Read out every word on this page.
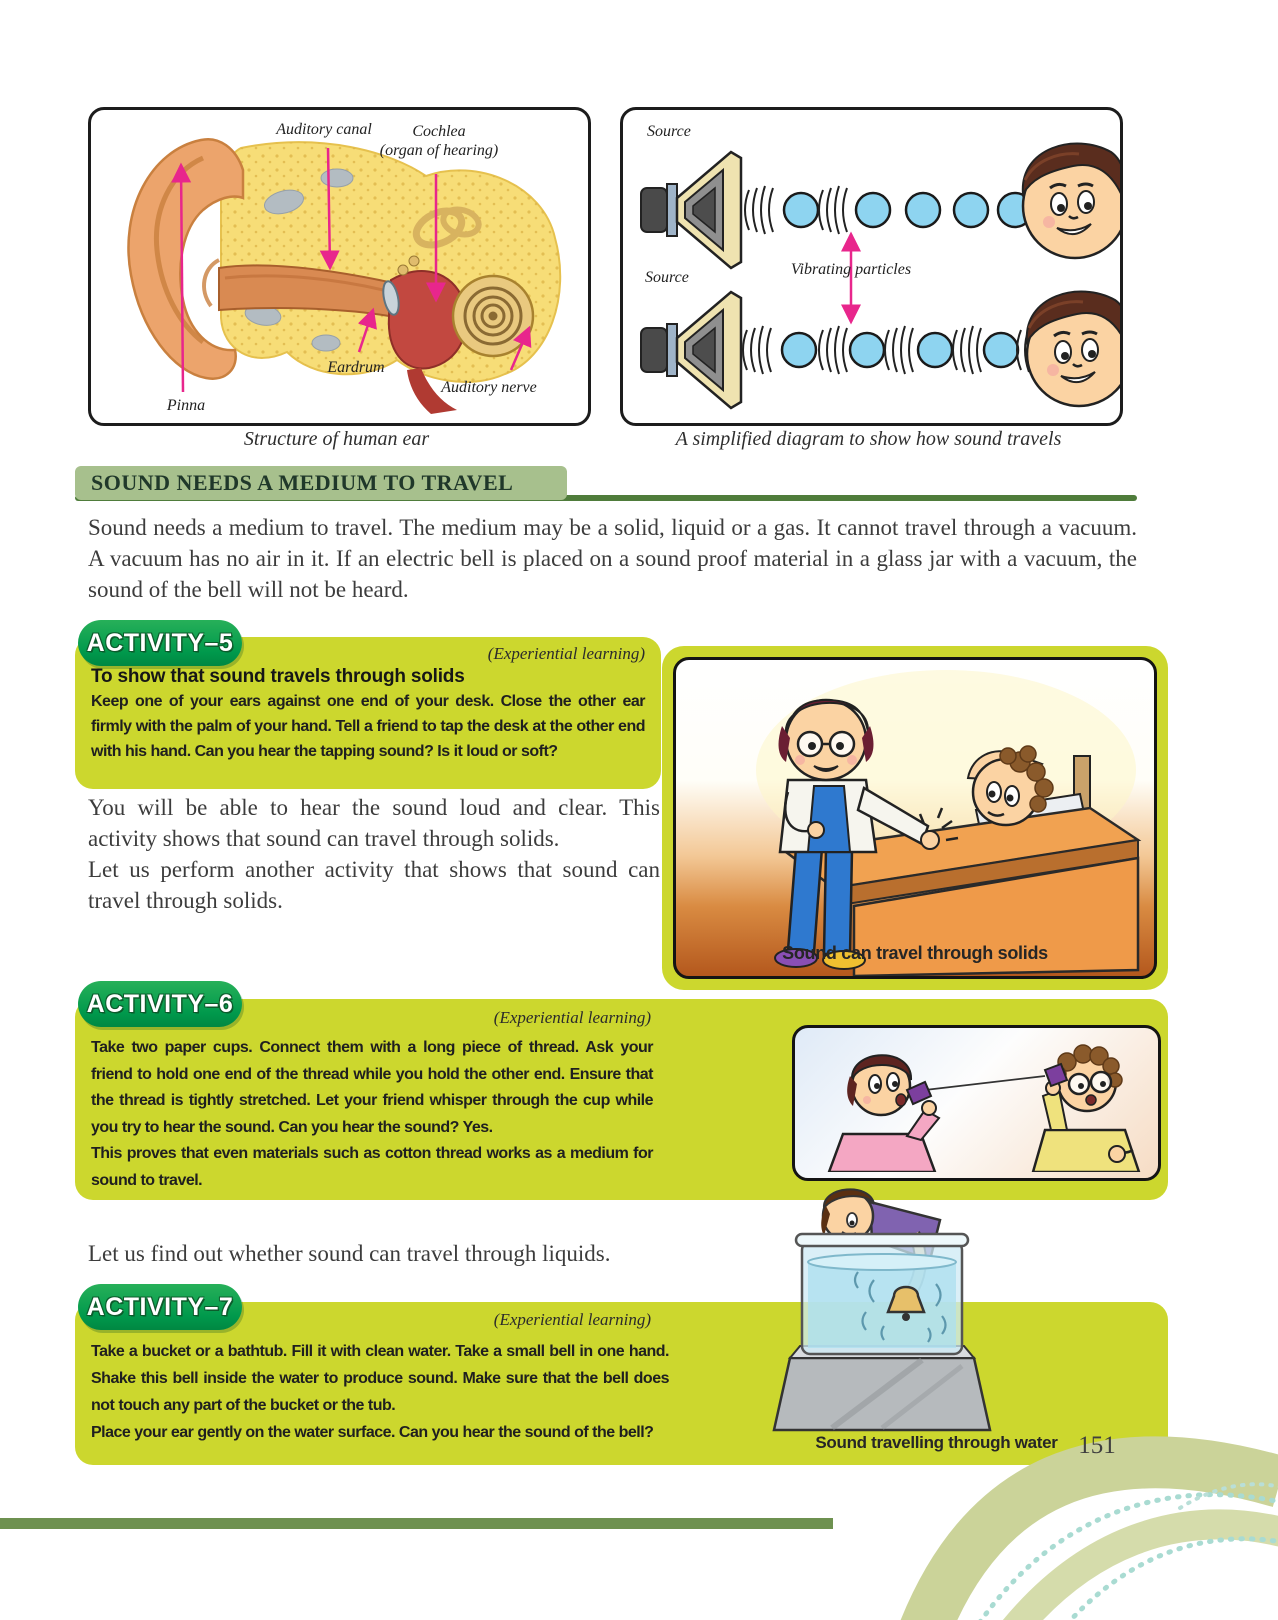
Auditory canal	Cochlea
(organ of hearing)
Eardrum
Auditory nerve
Pinna
Structure of human ear
Source
Source	Vibrating particles
A simplified diagram to show how sound travels
SOUND NEEDS A MEDIUM TO TRAVEL
Sound needs a medium to travel. The medium may be a solid, liquid or a gas. It cannot travel through a vacuum. A vacuum has no air in it. If an electric bell is placed on a sound proof material in a glass jar with a vacuum, the sound of the bell will not be heard.
(Experiential learning)
To show that sound travels through solids
Keep one of your ears against one end of your desk. Close the other ear firmly with the palm of your hand. Tell a friend to tap the desk at the other end with his hand. Can you hear the tapping sound? Is it loud or soft?
ACTIVITY–5
Sound can travel through solids

You will be able to hear the sound loud and clear. This activity shows that sound can travel through solids.

Let us perform another activity that shows that sound can travel through solids.

(Experiential learning)

Take two paper cups. Connect them with a long piece of thread. Ask your friend to hold one end of the thread while you hold the other end. Ensure that the thread is tightly stretched. Let your friend whisper through the cup while you try to hear the sound. Can you hear the sound? Yes.

This proves that even materials such as cotton thread works as a medium for sound to travel.

ACTIVITY–6
Let us find out whether sound can travel through liquids.
(Experiential learning)

Take a bucket or a bathtub. Fill it with clean water. Take a small bell in one hand. Shake this bell inside the water to produce sound. Make sure that the bell does not touch any part of the bucket or the tub.

Place your ear gently on the water surface. Can you hear the sound of the bell?

Sound travelling through water
ACTIVITY–7
151
